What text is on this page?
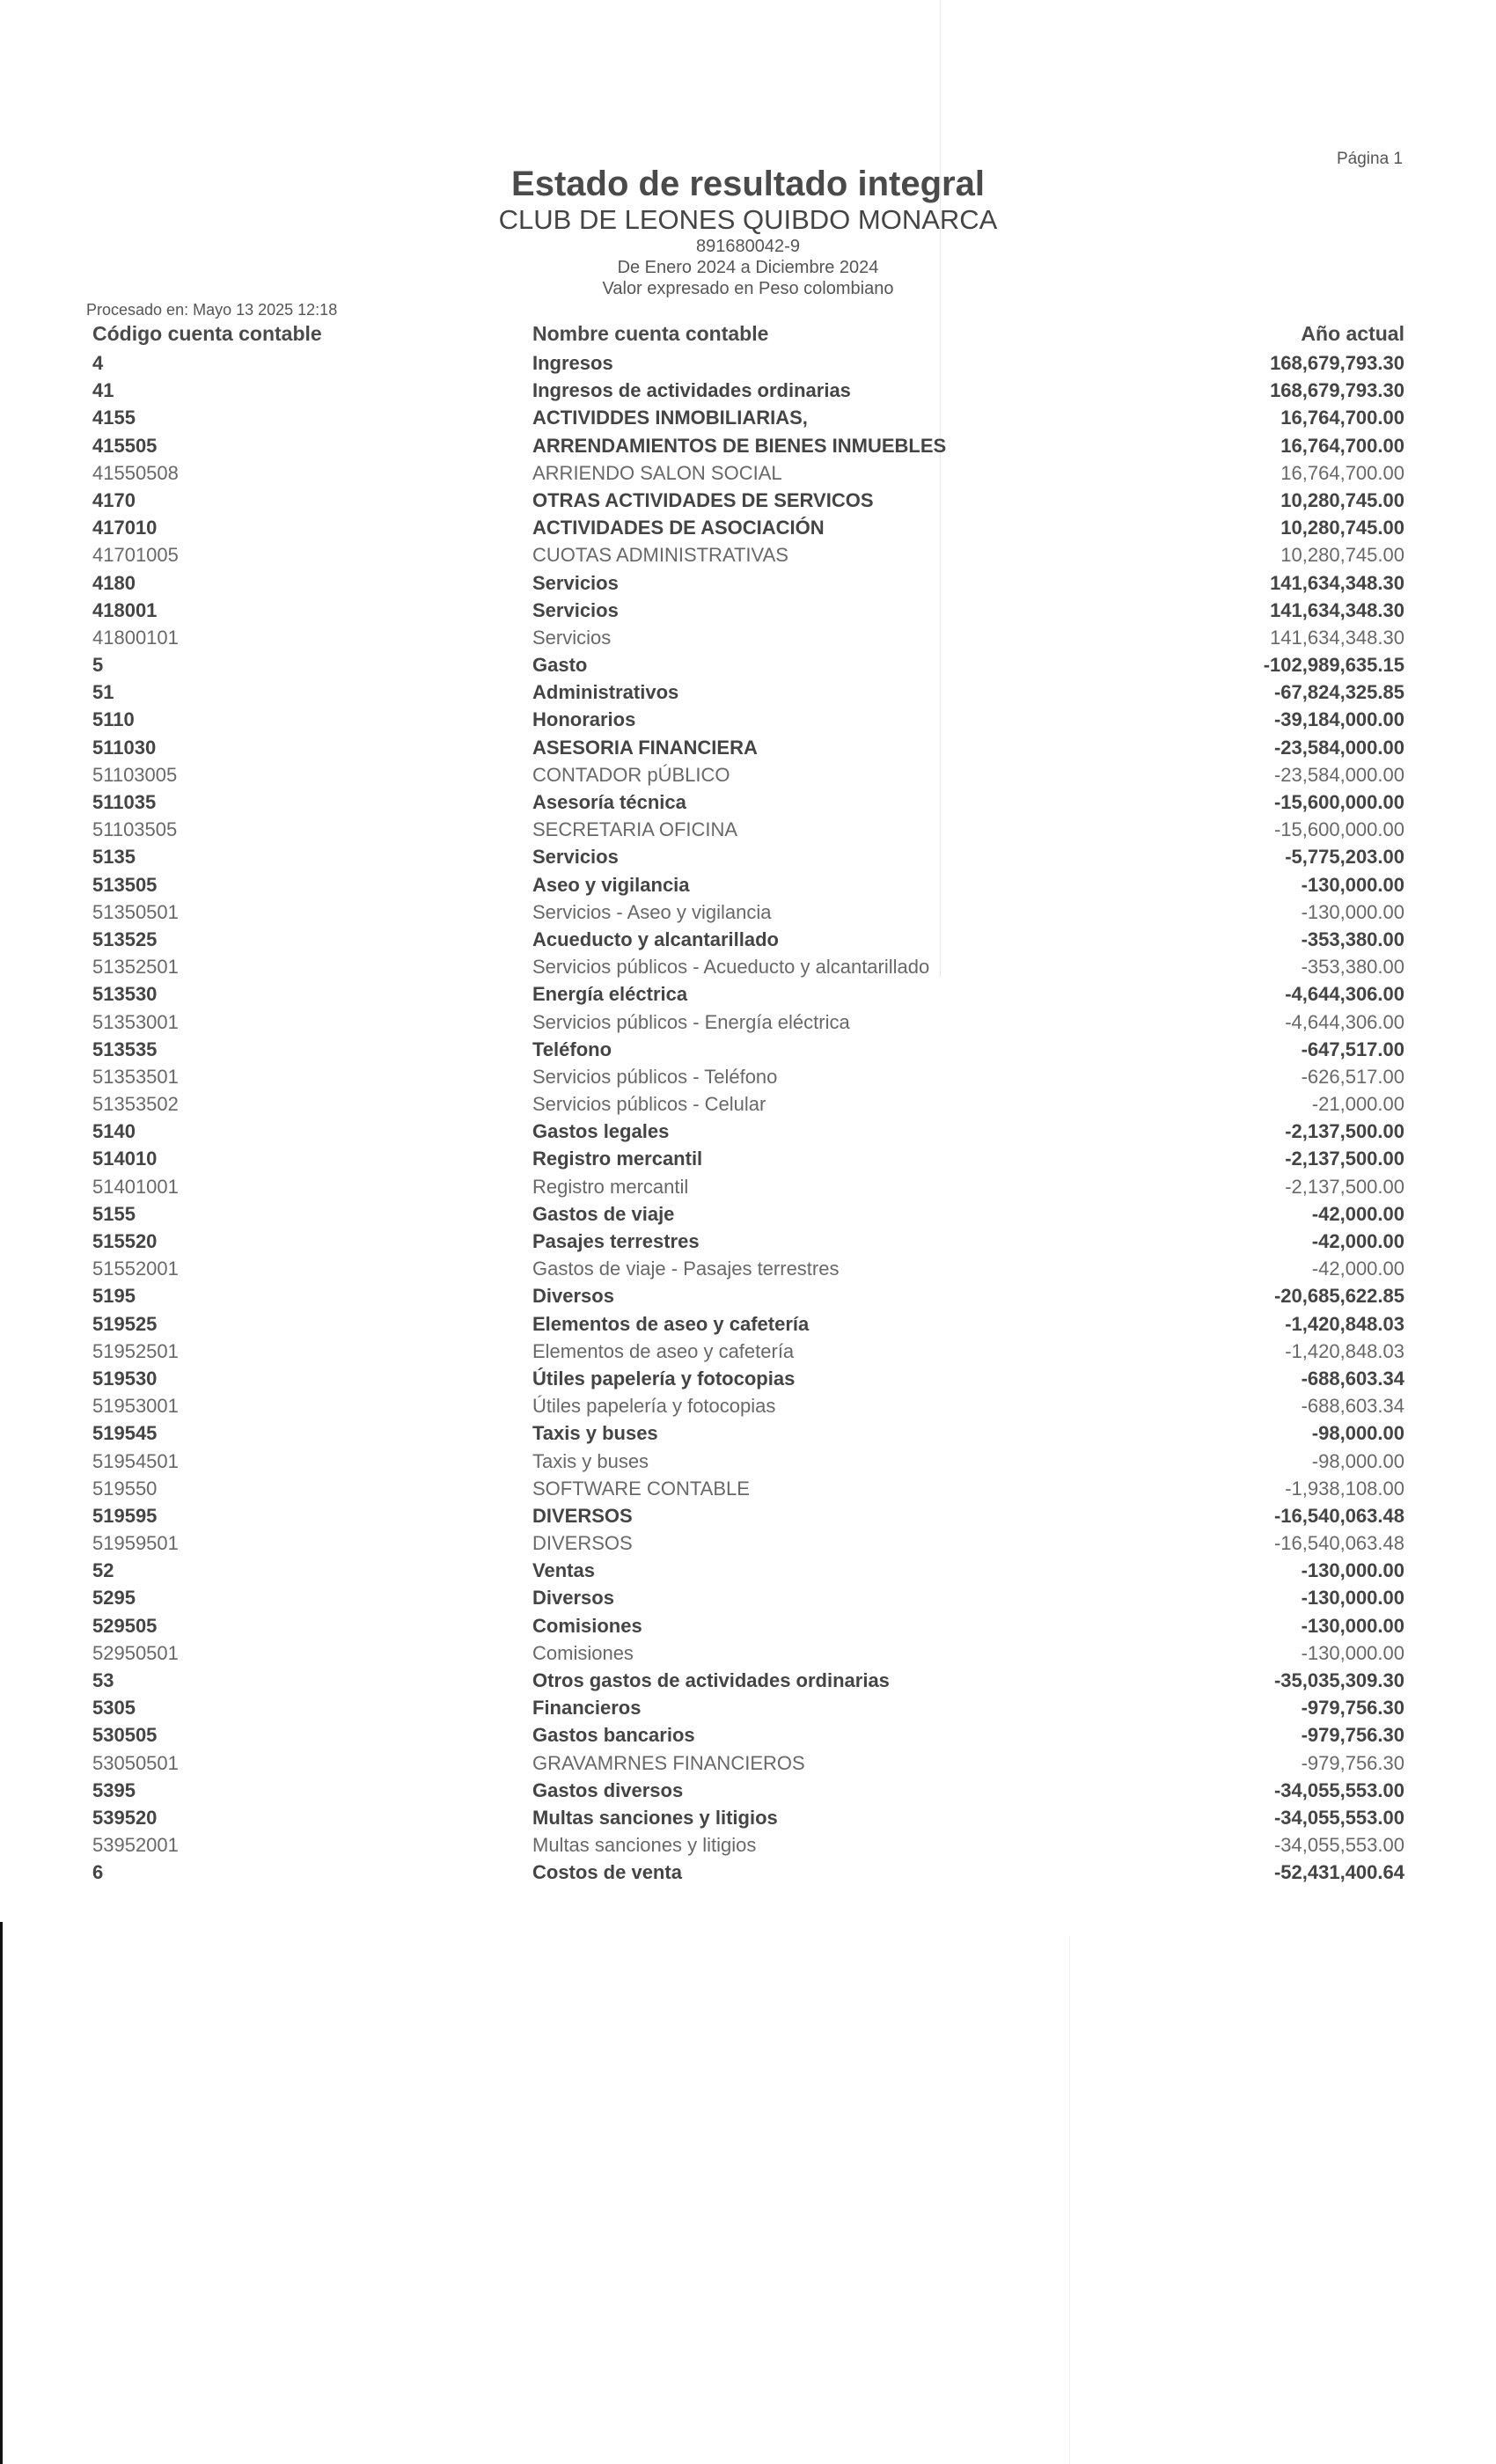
Página 1
Estado de resultado integral
CLUB DE LEONES QUIBDO MONARCA
891680042-9
De Enero 2024 a Diciembre 2024
Valor expresado en Peso colombiano
Procesado en: Mayo 13 2025 12:18
Código cuenta contable	Nombre cuenta contable	Año actual
4	Ingresos	168,679,793.30
41	Ingresos de actividades ordinarias	168,679,793.30
4155	ACTIVIDDES INMOBILIARIAS,	16,764,700.00
415505	ARRENDAMIENTOS DE BIENES INMUEBLES	16,764,700.00
41550508	ARRIENDO SALON SOCIAL	16,764,700.00
4170	OTRAS ACTIVIDADES DE SERVICOS	10,280,745.00
417010	ACTIVIDADES DE ASOCIACIÓN	10,280,745.00
41701005	CUOTAS ADMINISTRATIVAS	10,280,745.00
4180	Servicios	141,634,348.30
418001	Servicios	141,634,348.30
41800101	Servicios	141,634,348.30
5	Gasto	-102,989,635.15
51	Administrativos	-67,824,325.85
5110	Honorarios	-39,184,000.00
511030	ASESORIA FINANCIERA	-23,584,000.00
51103005	CONTADOR pÚBLICO	-23,584,000.00
511035	Asesoría técnica	-15,600,000.00
51103505	SECRETARIA OFICINA	-15,600,000.00
5135	Servicios	-5,775,203.00
513505	Aseo y vigilancia	-130,000.00
51350501	Servicios - Aseo y vigilancia	-130,000.00
513525	Acueducto y alcantarillado	-353,380.00
51352501	Servicios públicos - Acueducto y alcantarillado	-353,380.00
513530	Energía eléctrica	-4,644,306.00
51353001	Servicios públicos - Energía eléctrica	-4,644,306.00
513535	Teléfono	-647,517.00
51353501	Servicios públicos - Teléfono	-626,517.00
51353502	Servicios públicos - Celular	-21,000.00
5140	Gastos legales	-2,137,500.00
514010	Registro mercantil	-2,137,500.00
51401001	Registro mercantil	-2,137,500.00
5155	Gastos de viaje	-42,000.00
515520	Pasajes terrestres	-42,000.00
51552001	Gastos de viaje - Pasajes terrestres	-42,000.00
5195	Diversos	-20,685,622.85
519525	Elementos de aseo y cafetería	-1,420,848.03
51952501	Elementos de aseo y cafetería	-1,420,848.03
519530	Útiles papelería y fotocopias	-688,603.34
51953001	Útiles papelería y fotocopias	-688,603.34
519545	Taxis y buses	-98,000.00
51954501	Taxis y buses	-98,000.00
519550	SOFTWARE CONTABLE	-1,938,108.00
519595	DIVERSOS	-16,540,063.48
51959501	DIVERSOS	-16,540,063.48
52	Ventas	-130,000.00
5295	Diversos	-130,000.00
529505	Comisiones	-130,000.00
52950501	Comisiones	-130,000.00
53	Otros gastos de actividades ordinarias	-35,035,309.30
5305	Financieros	-979,756.30
530505	Gastos bancarios	-979,756.30
53050501	GRAVAMRNES FINANCIEROS	-979,756.30
5395	Gastos diversos	-34,055,553.00
539520	Multas sanciones y litigios	-34,055,553.00
53952001	Multas sanciones y litigios	-34,055,553.00
6	Costos de venta	-52,431,400.64
